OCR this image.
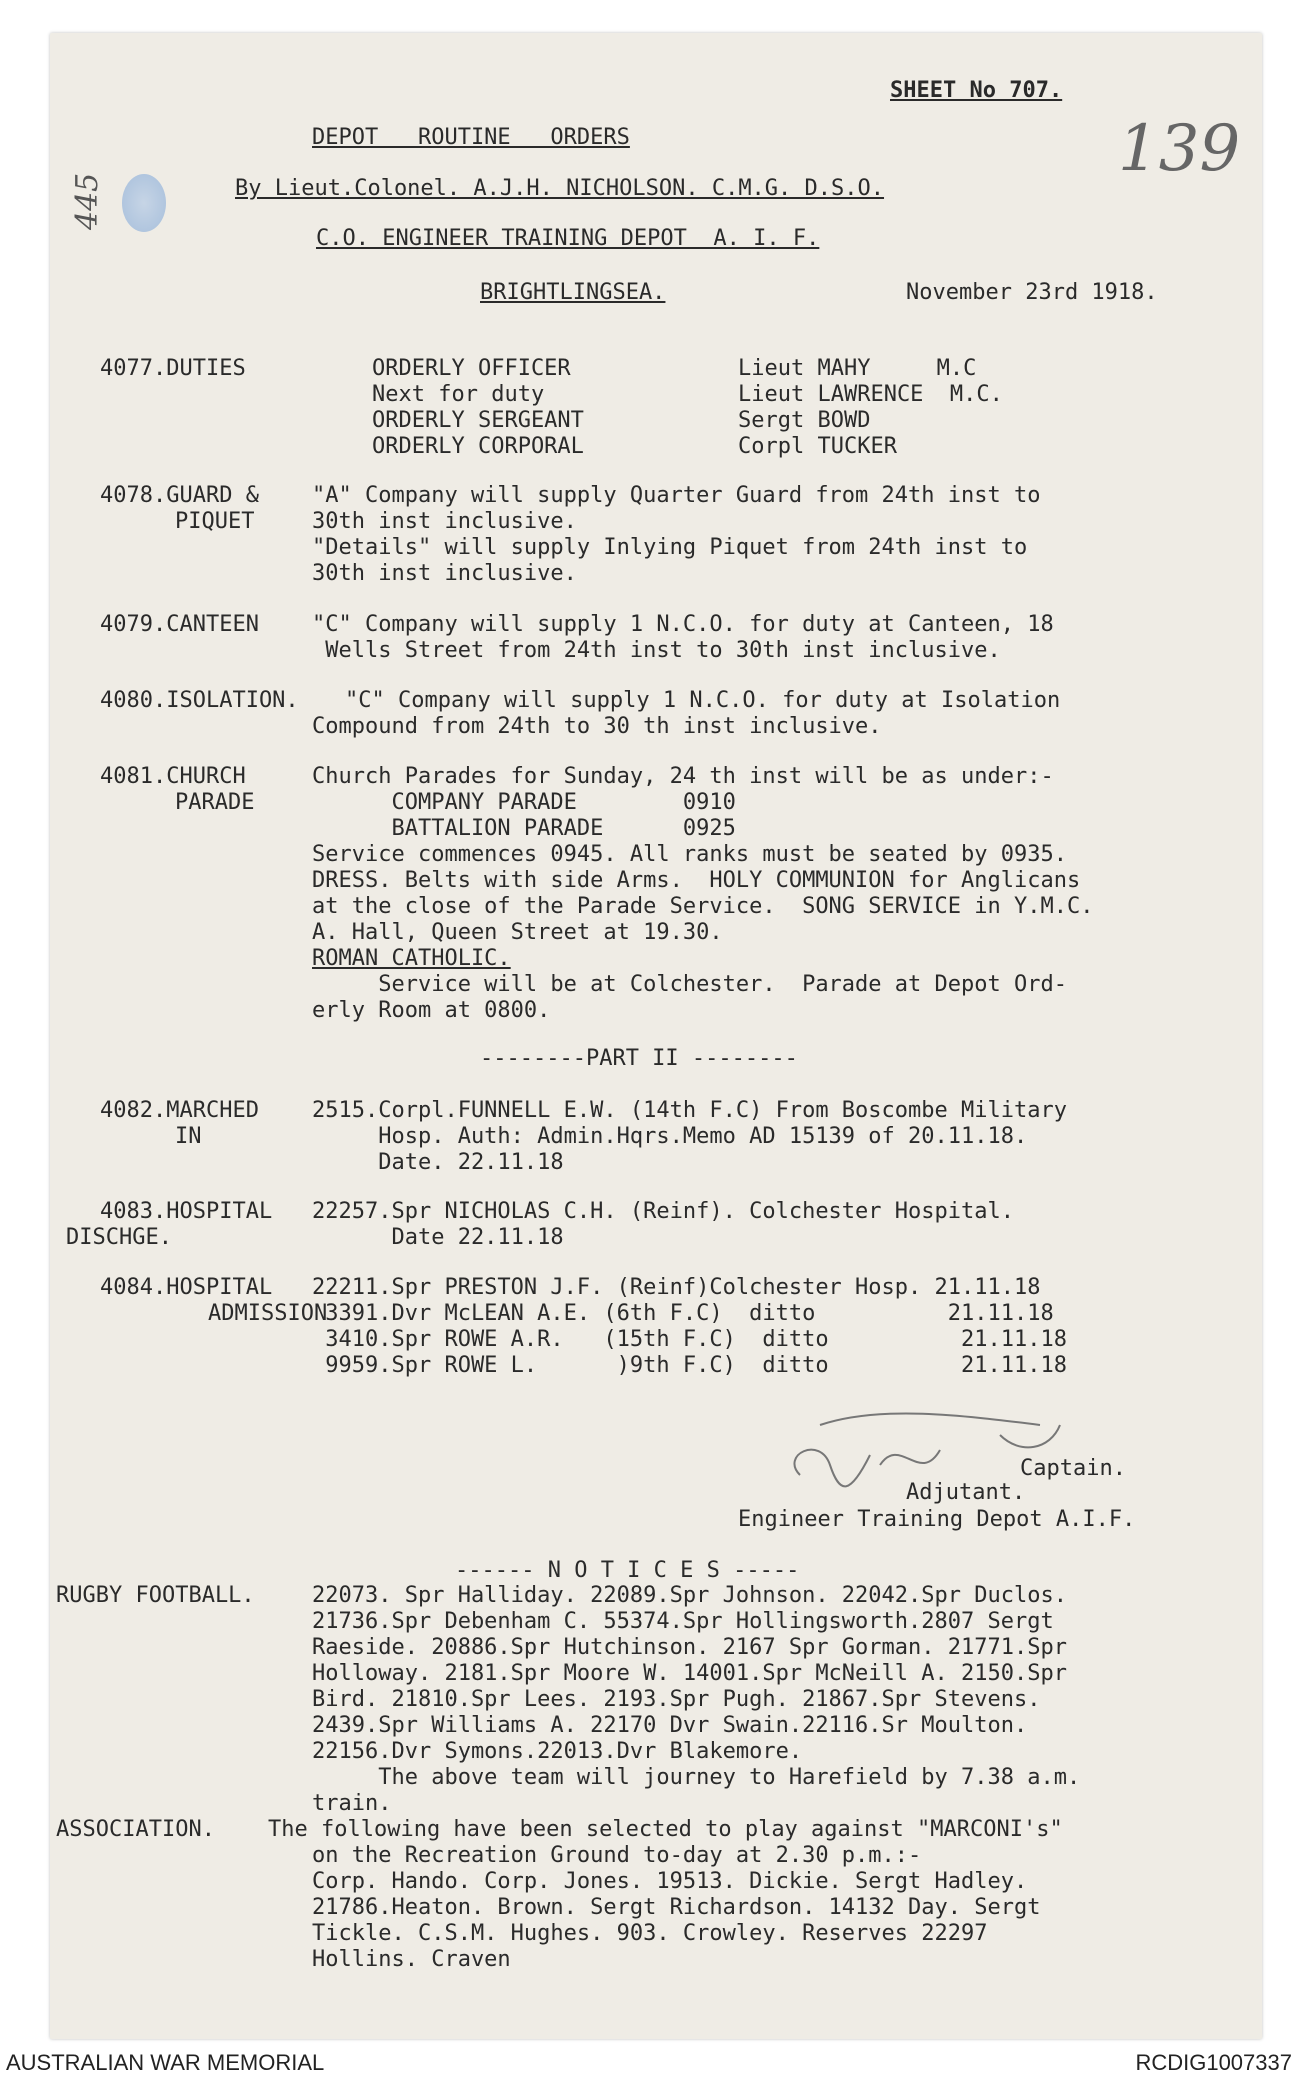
445
139
SHEET No 707.
DEPOT   ROUTINE   ORDERS
By Lieut.Colonel. A.J.H. NICHOLSON. C.M.G. D.S.O.
C.O. ENGINEER TRAINING DEPOT  A. I. F.
BRIGHTLINGSEA.	November 23rd 1918.
4077.DUTIES	ORDERLY OFFICER	Lieut MAHY     M.C
Next for duty	Lieut LAWRENCE  M.C.
ORDERLY SERGEANT	Sergt BOWD
ORDERLY CORPORAL	Corpl TUCKER
4078.GUARD &
PIQUET
"A" Company will supply Quarter Guard from 24th inst to
30th inst inclusive.
"Details" will supply Inlying Piquet from 24th inst to
30th inst inclusive.
4079.CANTEEN "C" Company will supply 1 N.C.O. for duty at Canteen, 18
Wells Street from 24th inst to 30th inst inclusive.
4080.ISOLATION. "C" Company will supply 1 N.C.O. for duty at Isolation
Compound from 24th to 30 th inst inclusive.
4081.CHURCH
PARADE
Church Parades for Sunday, 24 th inst will be as under:-
COMPANY PARADE        0910
BATTALION PARADE      0925
Service commences 0945. All ranks must be seated by 0935.
DRESS. Belts with side Arms.  HOLY COMMUNION for Anglicans
at the close of the Parade Service.  SONG SERVICE in Y.M.C.
A. Hall, Queen Street at 19.30.
ROMAN CATHOLIC.
Service will be at Colchester.  Parade at Depot Ord-
erly Room at 0800.
--------PART II --------
4082.MARCHED
IN
2515.Corpl.FUNNELL E.W. (14th F.C) From Boscombe Military
Hosp. Auth: Admin.Hqrs.Memo AD 15139 of 20.11.18.
Date. 22.11.18
4083.HOSPITAL
DISCHGE.
22257.Spr NICHOLAS C.H. (Reinf). Colchester Hospital.
Date 22.11.18
4084.HOSPITAL
ADMISSION
22211.Spr PRESTON J.F. (Reinf)Colchester Hosp. 21.11.18
3391.Dvr McLEAN A.E. (6th F.C)  ditto          21.11.18
3410.Spr ROWE A.R.   (15th F.C)  ditto          21.11.18
9959.Spr ROWE L.      )9th F.C)  ditto          21.11.18
Captain.
Adjutant.
Engineer Training Depot A.I.F.
------ N O T I C E S -----
RUGBY FOOTBALL.	22073. Spr Halliday. 22089.Spr Johnson. 22042.Spr Duclos.
21736.Spr Debenham C. 55374.Spr Hollingsworth.2807 Sergt
Raeside. 20886.Spr Hutchinson. 2167 Spr Gorman. 21771.Spr
Holloway. 2181.Spr Moore W. 14001.Spr McNeill A. 2150.Spr
Bird. 21810.Spr Lees. 2193.Spr Pugh. 21867.Spr Stevens.
2439.Spr Williams A. 22170 Dvr Swain.22116.Sr Moulton.
22156.Dvr Symons.22013.Dvr Blakemore.
The above team will journey to Harefield by 7.38 a.m.
train.
ASSOCIATION. The following have been selected to play against "MARCONI's"
on the Recreation Ground to-day at 2.30 p.m.:-
Corp. Hando. Corp. Jones. 19513. Dickie. Sergt Hadley.
21786.Heaton. Brown. Sergt Richardson. 14132 Day. Sergt
Tickle. C.S.M. Hughes. 903. Crowley. Reserves 22297
Hollins. Craven
AUSTRALIAN WAR MEMORIAL	RCDIG1007337
